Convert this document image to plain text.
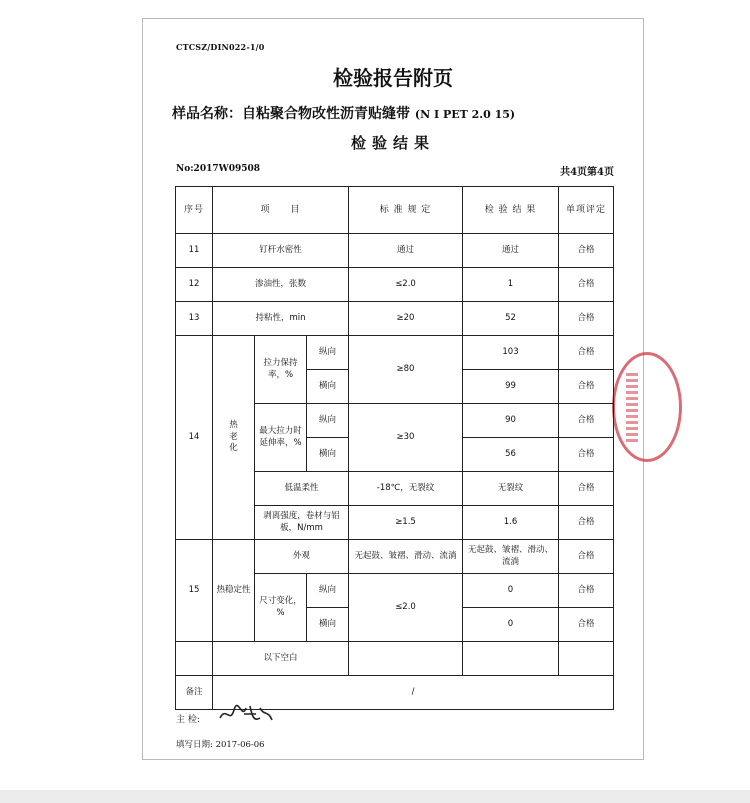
CTCSZ/DIN022-1/0
检验报告附页
样品名称：自粘聚合物改性沥青贴缝带 (N I PET 2.0 15)
检验结果
No:2017W09508	共4页第4页
序号	项　　目			标 准 规 定	检 验 结 果	单项评定
11	钉杆水密性			通过	通过	合格
12	渗油性，张数			≤2.0	1	合格
13	持粘性，min			≥20	52	合格
14	热老化	拉力保持率，%	纵向	≥80	103	合格
			横向		99	合格
		最大拉力时延伸率，%	纵向	≥30	90	合格
			横向		56	合格
		低温柔性		-18℃，无裂纹	无裂纹	合格
		剥离强度，卷材与铝板，N/mm		≥1.5	1.6	合格
15	热稳定性	外观		无起鼓、皱褶、滑动、流淌	无起鼓、皱褶、滑动、流淌	合格
		尺寸变化，%	纵向	≤2.0	0	合格
			横向		0	合格
	以下空白					
备注	/					
主 检:
填写日期: 2017-06-06
